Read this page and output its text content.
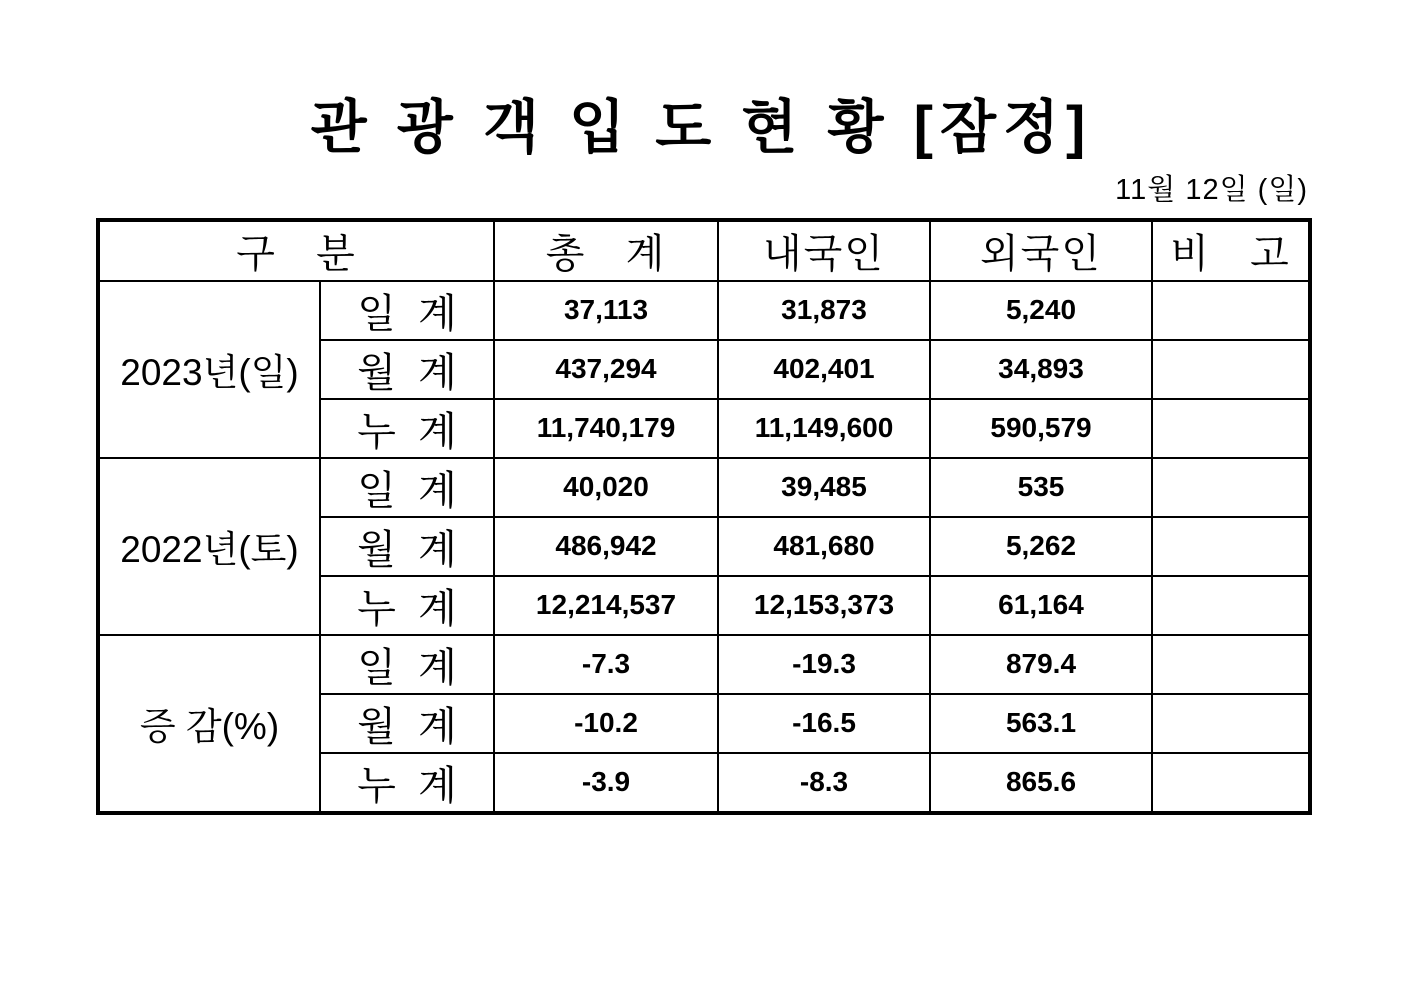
관 광 객 입 도 현 황 [잠정]
11월 12일 (일)
구   분		총   계	내국인	외국인	비   고
2023년(일)	일  계	37,113	31,873	5,240	
	월  계	437,294	402,401	34,893	
	누  계	11,740,179	11,149,600	590,579	
2022년(토)	일  계	40,020	39,485	535	
	월  계	486,942	481,680	5,262	
	누  계	12,214,537	12,153,373	61,164	
증 감(%)	일  계	-7.3	-19.3	879.4	
	월  계	-10.2	-16.5	563.1	
	누  계	-3.9	-8.3	865.6	
